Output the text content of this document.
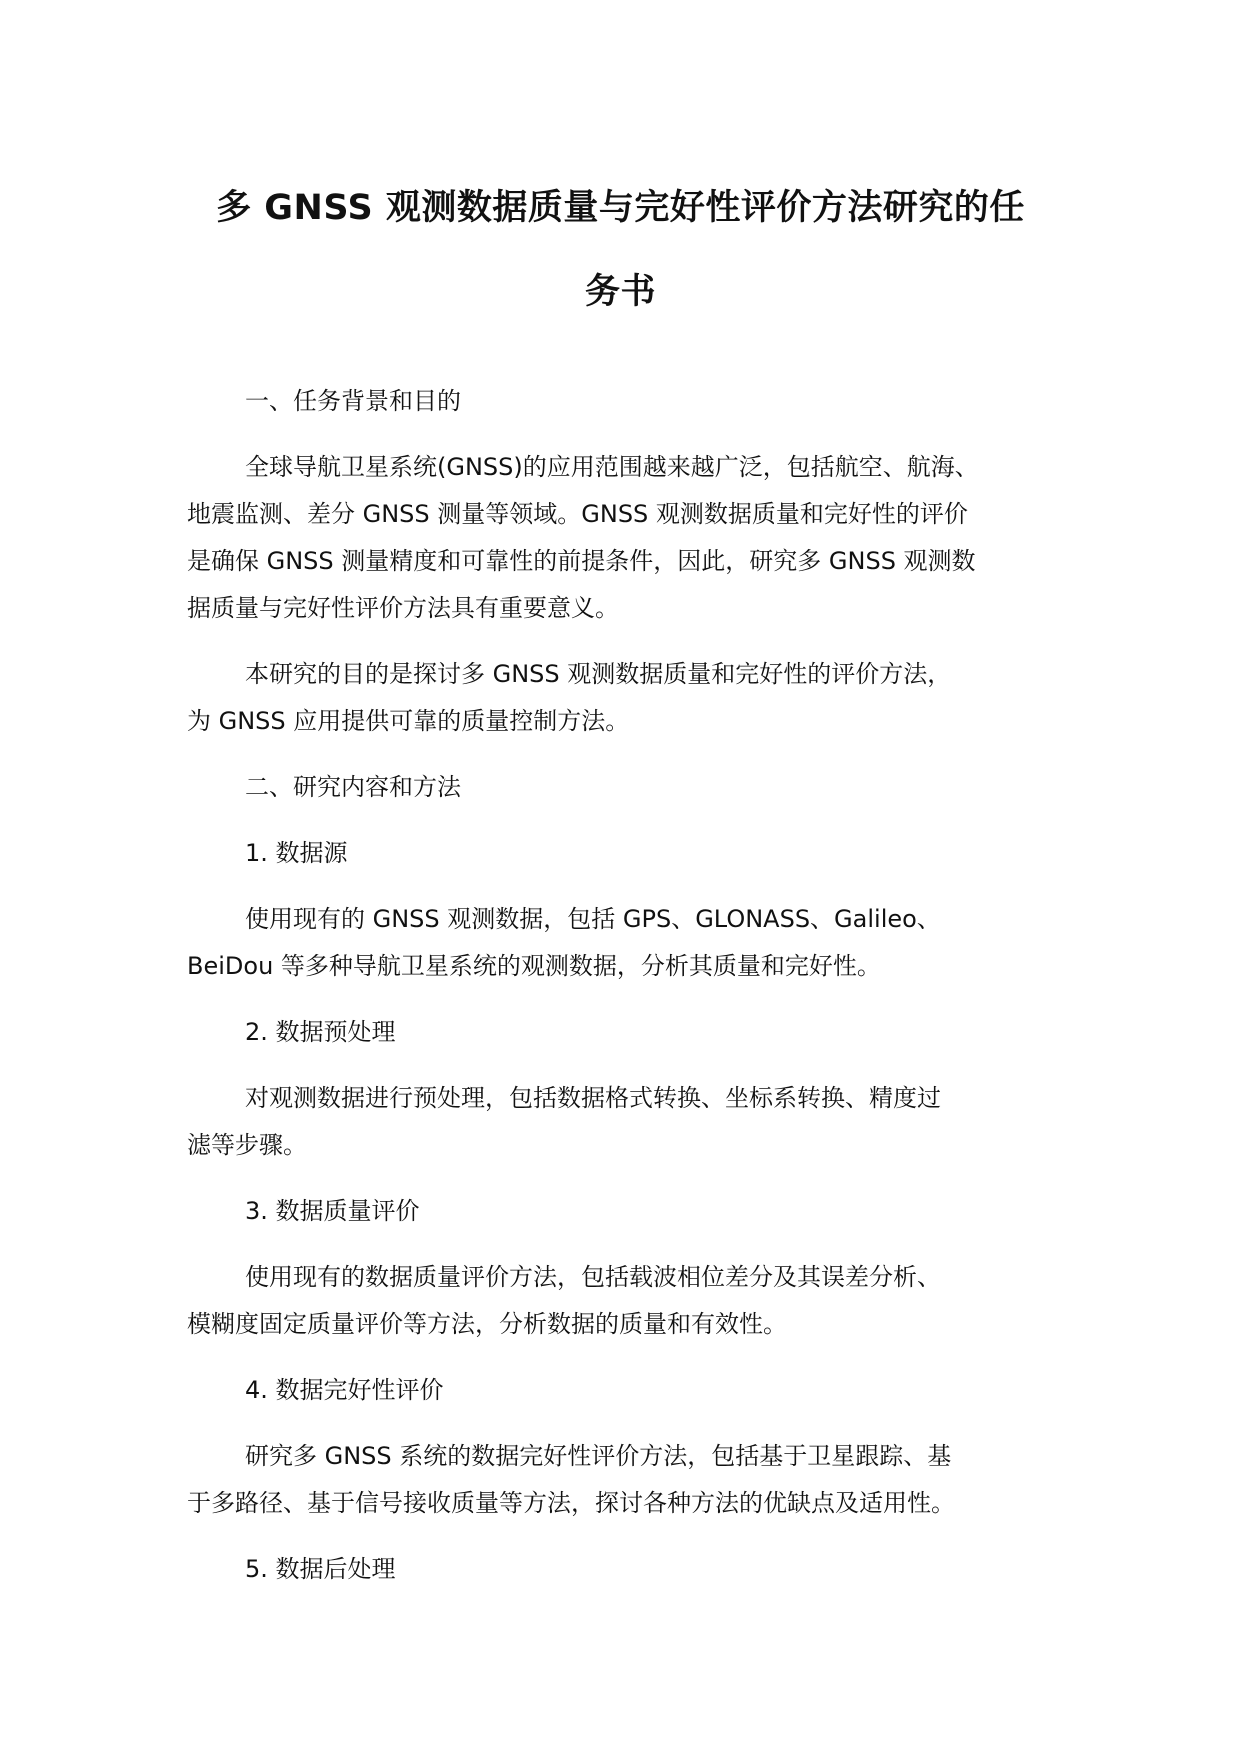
多 GNSS 观测数据质量与完好性评价方法研究的任
务书
一、任务背景和目的
全球导航卫星系统(GNSS)的应用范围越来越广泛，包括航空、航海、
地震监测、差分 GNSS 测量等领域。GNSS 观测数据质量和完好性的评价
是确保 GNSS 测量精度和可靠性的前提条件，因此，研究多 GNSS 观测数
据质量与完好性评价方法具有重要意义。
本研究的目的是探讨多 GNSS 观测数据质量和完好性的评价方法，
为 GNSS 应用提供可靠的质量控制方法。
二、研究内容和方法
1. 数据源
使用现有的 GNSS 观测数据，包括 GPS、GLONASS、Galileo、
BeiDou 等多种导航卫星系统的观测数据，分析其质量和完好性。
2. 数据预处理
对观测数据进行预处理，包括数据格式转换、坐标系转换、精度过
滤等步骤。
3. 数据质量评价
使用现有的数据质量评价方法，包括载波相位差分及其误差分析、
模糊度固定质量评价等方法，分析数据的质量和有效性。
4. 数据完好性评价
研究多 GNSS 系统的数据完好性评价方法，包括基于卫星跟踪、基
于多路径、基于信号接收质量等方法，探讨各种方法的优缺点及适用性。
5. 数据后处理
